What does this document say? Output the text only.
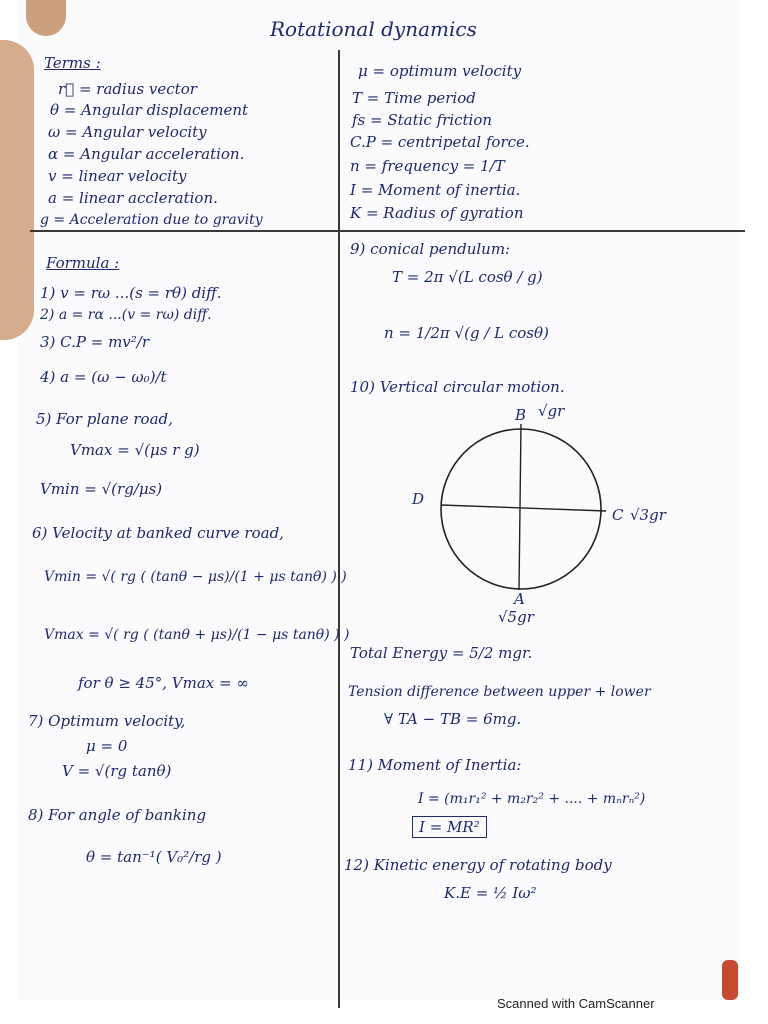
Rotational dynamics
Terms :
r⃗ = radius vector
θ = Angular displacement
ω = Angular velocity
α = Angular acceleration.
v = linear velocity
a = linear accleration.
g = Acceleration due to gravity
μ = optimum velocity
T = Time period
fs = Static friction
C.P = centripetal force.
n = frequency = 1/T
I = Moment of inertia.
K = Radius of gyration
Formula :
1) v = rω ...(s = rθ) diff.
2) a = rα ...(v = rω) diff.
3) C.P = mv²/r
4) a = (ω − ω₀)/t
5) For plane road,
Vmax = √(μs r g)
Vmin = √(rg/μs)
6) Velocity at banked curve road,
Vmin = √( rg ( (tanθ − μs)/(1 + μs tanθ) ) )
Vmax = √( rg ( (tanθ + μs)/(1 − μs tanθ) ) )
for θ ≥ 45°, Vmax = ∞
7) Optimum velocity,
μ = 0
V = √(rg tanθ)
8) For angle of banking
θ = tan⁻¹( V₀²/rg )
9) conical pendulum:
T = 2π √(L cosθ / g)
n = 1/2π √(g / L cosθ)
10) Vertical circular motion.
B √gr
D
C √3gr
A
√5gr
Total Energy = 5/2 mgr.
Tension difference between upper + lower
∀ TA − TB = 6mg.
11) Moment of Inertia:
I = (m₁r₁² + m₂r₂² + .... + mₙrₙ²)
I = MR²
12) Kinetic energy of rotating body
K.E = ½ Iω²
Scanned with CamScanner
